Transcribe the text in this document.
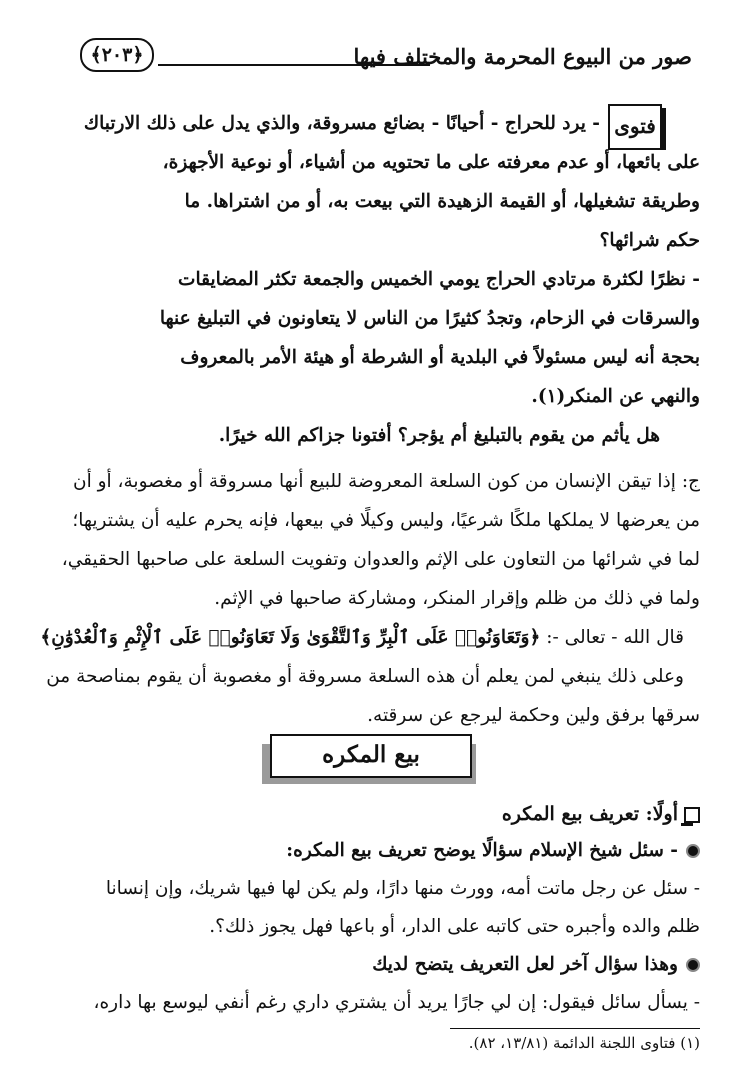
صور من البيوع المحرمة والمختلف فيها
﴿٢٠٣﴾
فتوى
- يرد للحراج - أحيانًا - بضائع مسروقة، والذي يدل على ذلك الارتباك
على بائعها، أو عدم معرفته على ما تحتويه من أشياء، أو نوعية الأجهزة،
وطريقة تشغيلها، أو القيمة الزهيدة التي بيعت به، أو من اشتراها. ما
حكم شرائها؟
- نظرًا لكثرة مرتادي الحراج يومي الخميس والجمعة تكثر المضايقات
والسرقات في الزحام، وتجدُ كثيرًا من الناس لا يتعاونون في التبليغ عنها
بحجة أنه ليس مسئولاً في البلدية أو الشرطة أو هيئة الأمر بالمعروف
والنهي عن المنكر(١).
هل يأثم من يقوم بالتبليغ أم يؤجر؟ أفتونا جزاكم الله خيرًا.
ج: إذا تيقن الإنسان من كون السلعة المعروضة للبيع أنها مسروقة أو مغصوبة، أو أن
من يعرضها لا يملكها ملكًا شرعيًا، وليس وكيلًا في بيعها، فإنه يحرم عليه أن يشتريها؛
لما في شرائها من التعاون على الإثم والعدوان وتفويت السلعة على صاحبها الحقيقي،
ولما في ذلك من ظلم وإقرار المنكر، ومشاركة صاحبها في الإثم.
قال الله - تعالى -: ﴿وَتَعَاوَنُوا۟ عَلَى ٱلْبِرِّ وَٱلتَّقْوَىٰ وَلَا تَعَاوَنُوا۟ عَلَى ٱلْإِثْمِ وَٱلْعُدْوَٰنِ﴾
وعلى ذلك ينبغي لمن يعلم أن هذه السلعة مسروقة أو مغصوبة أن يقوم بمناصحة من
سرقها برفق ولين وحكمة ليرجع عن سرقته.
بيع المكره
أولًا: تعريف بيع المكره
- سئل شيخ الإسلام سؤالًا يوضح تعريف بيع المكره:
- سئل عن رجل ماتت أمه، وورث منها دارًا، ولم يكن لها فيها شريك، وإن إنسانا
ظلم والده وأجبره حتى كاتبه على الدار، أو باعها فهل يجوز ذلك؟.
وهذا سؤال آخر لعل التعريف يتضح لديك
- يسأل سائل فيقول: إن لي جارًا يريد أن يشتري داري رغم أنفي ليوسع بها داره،
(١) فتاوى اللجنة الدائمة (١٣/٨١، ٨٢).
